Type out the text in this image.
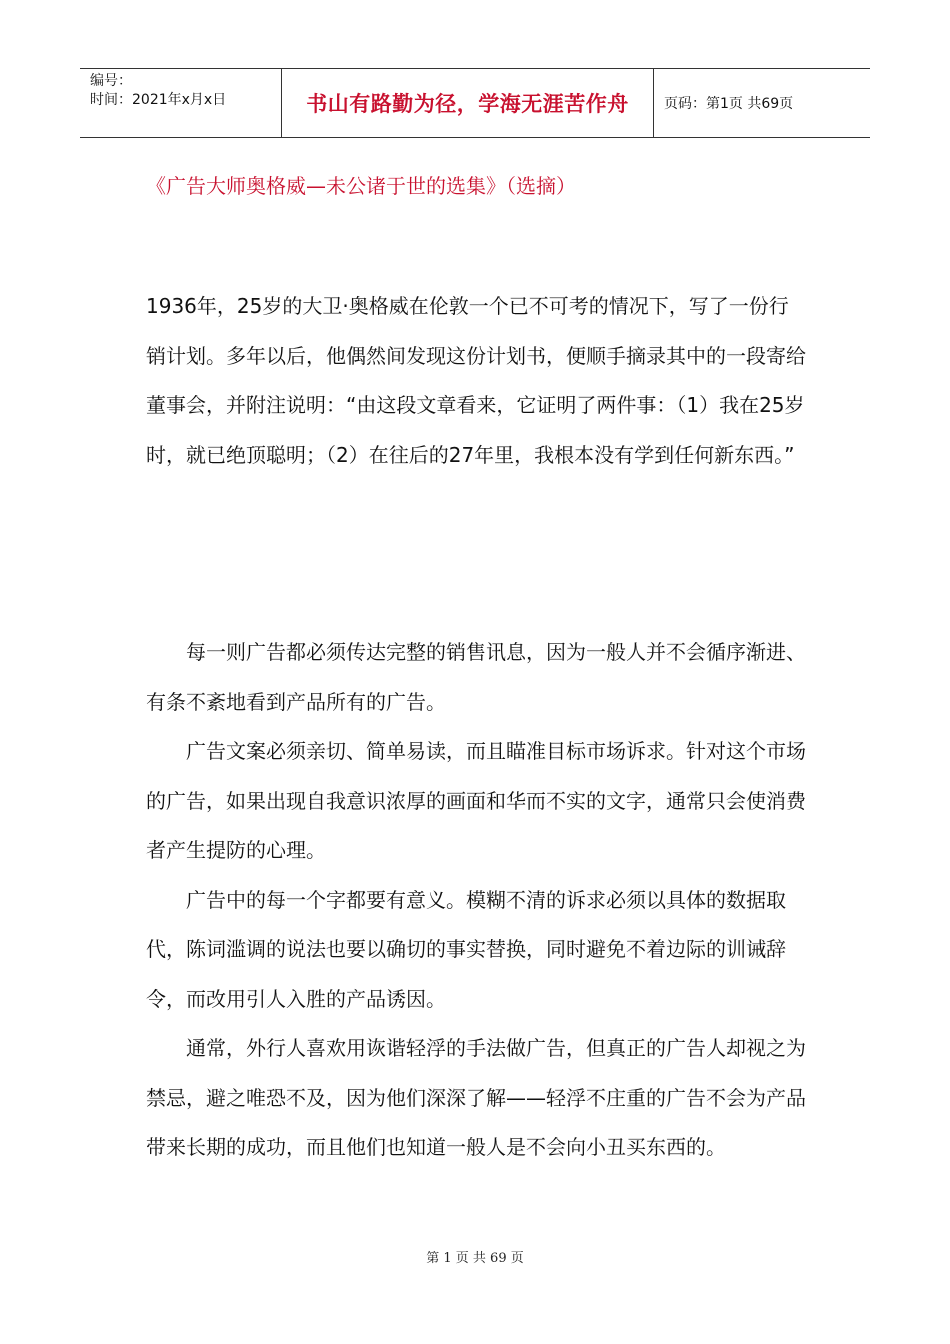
编号：
时间：2021年x月x日	书山有路勤为径，学海无涯苦作舟	页码：第1页 共69页
《广告大师奥格威—未公诸于世的选集》（选摘）

1936年，25岁的大卫·奥格威在伦敦一个已不可考的情况下，写了一份行销计划。多年以后，他偶然间发现这份计划书，便顺手摘录其中的一段寄给董事会，并附注说明：“由这段文章看来，它证明了两件事：（1）我在25岁时，就已绝顶聪明；（2）在往后的27年里，我根本没有学到任何新东西。”

每一则广告都必须传达完整的销售讯息，因为一般人并不会循序渐进、有条不紊地看到产品所有的广告。

广告文案必须亲切、简单易读，而且瞄准目标市场诉求。针对这个市场的广告，如果出现自我意识浓厚的画面和华而不实的文字，通常只会使消费者产生提防的心理。

广告中的每一个字都要有意义。模糊不清的诉求必须以具体的数据取代，陈词滥调的说法也要以确切的事实替换，同时避免不着边际的训诫辞令，而改用引人入胜的产品诱因。

通常，外行人喜欢用诙谐轻浮的手法做广告，但真正的广告人却视之为禁忌，避之唯恐不及，因为他们深深了解——轻浮不庄重的广告不会为产品带来长期的成功，而且他们也知道一般人是不会向小丑买东西的。

第 1 页 共 69 页
